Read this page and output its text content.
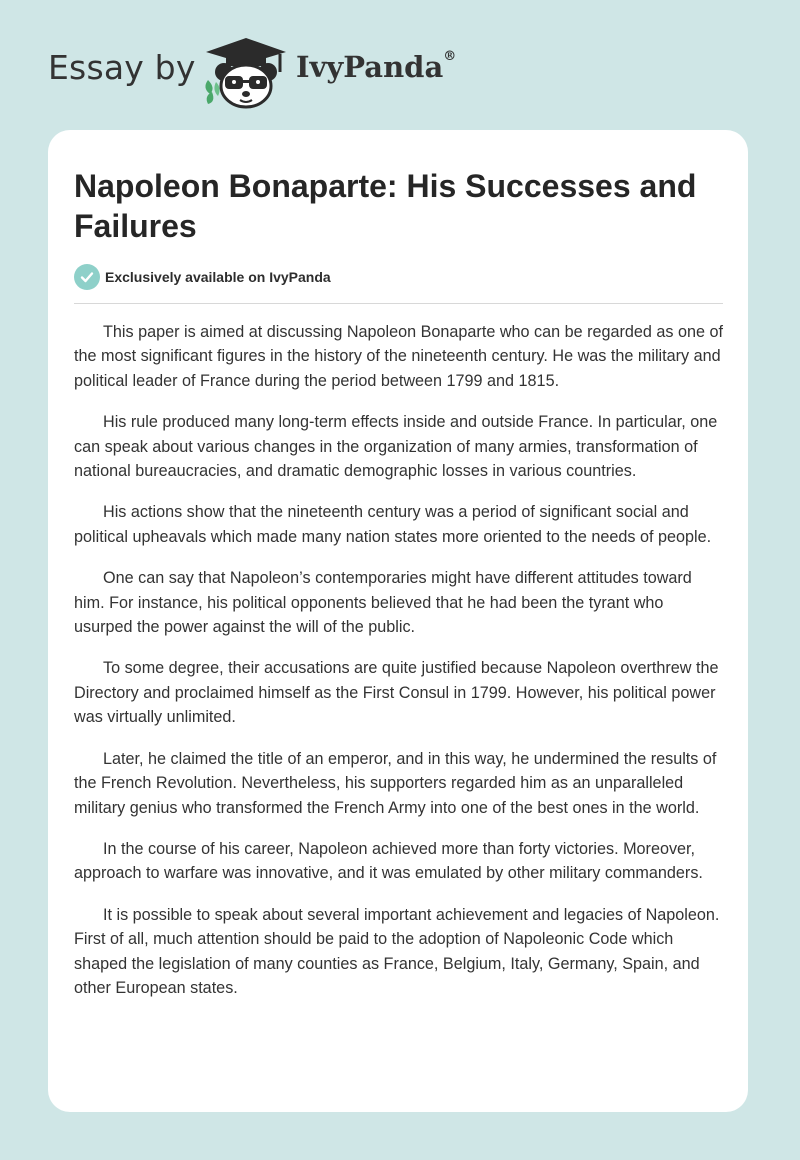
Essay by	IvyPanda®
Napoleon Bonaparte: His Successes and Failures
Exclusively available on IvyPanda

This paper is aimed at discussing Napoleon Bonaparte who can be regarded as one of the most significant figures in the history of the nineteenth century. He was the military and political leader of France during the period between 1799 and 1815.

His rule produced many long-term effects inside and outside France. In particular, one can speak about various changes in the organization of many armies, transformation of national bureaucracies, and dramatic demographic losses in various countries.

His actions show that the nineteenth century was a period of significant social and political upheavals which made many nation states more oriented to the needs of people.

One can say that Napoleon’s contemporaries might have different attitudes toward him. For instance, his political opponents believed that he had been the tyrant who usurped the power against the will of the public.

To some degree, their accusations are quite justified because Napoleon overthrew the Directory and proclaimed himself as the First Consul in 1799. However, his political power was virtually unlimited.

Later, he claimed the title of an emperor, and in this way, he undermined the results of the French Revolution. Nevertheless, his supporters regarded him as an unparalleled military genius who transformed the French Army into one of the best ones in the world.

In the course of his career, Napoleon achieved more than forty victories. Moreover, approach to warfare was innovative, and it was emulated by other military commanders.

It is possible to speak about several important achievement and legacies of Napoleon. First of all, much attention should be paid to the adoption of Napoleonic Code which shaped the legislation of many counties as France, Belgium, Italy, Germany, Spain, and other European states.
